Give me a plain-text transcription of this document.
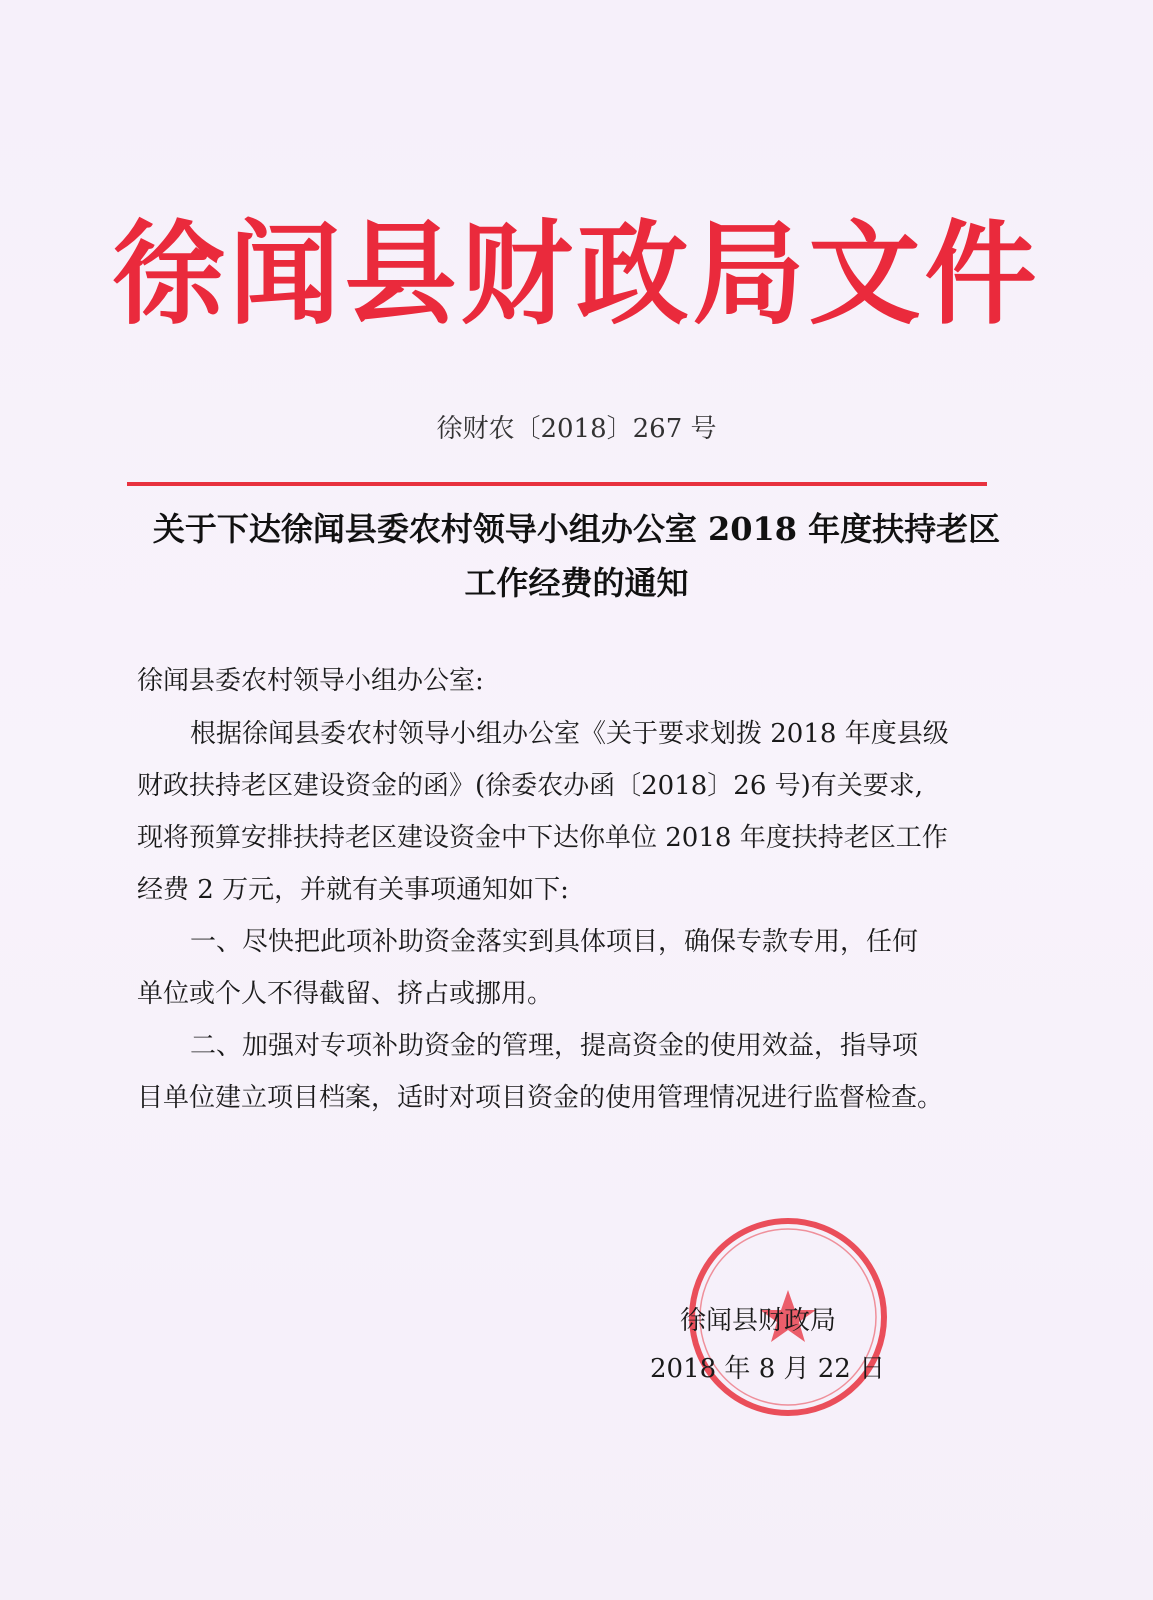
徐闻县财政局文件
徐财农〔2018〕267 号
关于下达徐闻县委农村领导小组办公室 2018 年度扶持老区
工作经费的通知
徐闻县委农村领导小组办公室:
根据徐闻县委农村领导小组办公室《关于要求划拨 2018 年度县级
财政扶持老区建设资金的函》(徐委农办函〔2018〕26 号)有关要求,
现将预算安排扶持老区建设资金中下达你单位 2018 年度扶持老区工作
经费 2 万元，并就有关事项通知如下:
一、尽快把此项补助资金落实到具体项目，确保专款专用，任何
单位或个人不得截留、挤占或挪用。
二、加强对专项补助资金的管理，提高资金的使用效益，指导项
目单位建立项目档案，适时对项目资金的使用管理情况进行监督检查。
徐闻县财政局
2018 年 8 月 22 日
